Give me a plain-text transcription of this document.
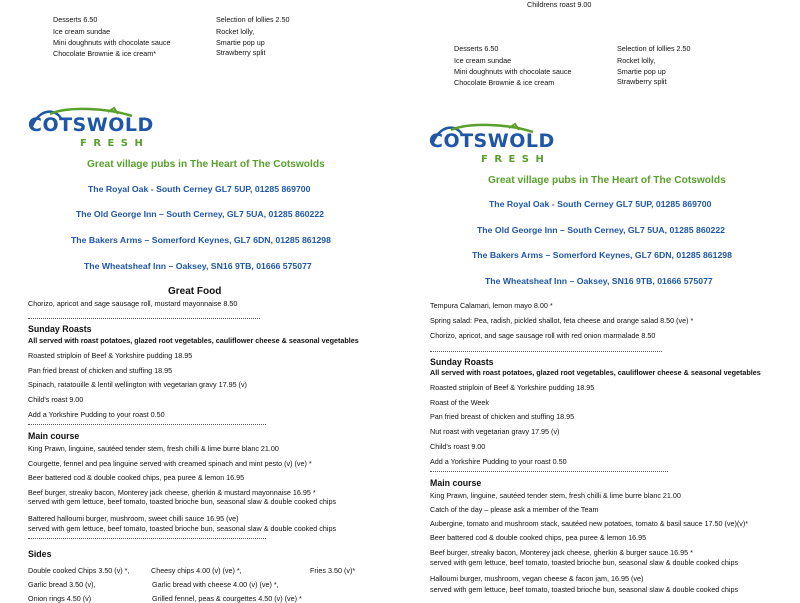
Childrens roast 9.00
Desserts 6.50
Ice cream sundae
Mini doughnuts with chocolate sauce
Chocolate Brownie & ice cream*
Selection of lollies 2.50
Rocket lolly,
Smartie pop up
Strawberry split
COTSWOLD
F R E S H
Great village pubs in The Heart of The Cotswolds
The Royal Oak - South Cerney GL7 5UP, 01285 869700
The Old George Inn – South Cerney, GL7 5UA, 01285 860222
The Bakers Arms – Somerford Keynes, GL7 6DN, 01285 861298
The Wheatsheaf Inn – Oaksey, SN16 9TB, 01666 575077
Great Food
Chorizo, apricot and sage sausage roll, mustard mayonnaise 8.50
Sunday Roasts
All served with roast potatoes, glazed root vegetables, cauliflower cheese & seasonal vegetables
Roasted striploin of Beef & Yorkshire pudding 18.95
Pan fried breast of chicken and stuffing 18.95
Spinach, ratatouille & lentil wellington with vegetarian gravy 17.95 (v)
Child's roast 9.00
Add a Yorkshire Pudding to your roast 0.50
Main course
King Prawn, linguine, sautéed tender stem, fresh chilli & lime burre blanc 21.00
Courgette, fennel and pea linguine served with creamed spinach and mint pesto (v) (ve) *
Beer battered cod & double cooked chips, pea puree & lemon 16.95
Beef burger, streaky bacon, Monterey jack cheese, gherkin & mustard mayonnaise 16.95 *
served with gem lettuce, beef tomato, toasted brioche bun, seasonal slaw & double cooked chips
Battered halloumi burger, mushroom, sweet chilli sauce 16.95 (ve)
served with gem lettuce, beef tomato, toasted brioche bun, seasonal slaw & double cooked chips
Sides
Double cooked Chips 3.50 (v) *,	Cheesy chips 4.00 (v) (ve) *,	Fries 3.50 (v)*
Garlic bread 3.50 (v),	Garlic bread with cheese 4.00 (v) (ve) *,
Onion rings 4.50 (v)	Grilled fennel, peas & courgettes 4.50 (v) (ve) *
Desserts 6.50
Ice cream sundae
Mini doughnuts with chocolate sauce
Chocolate Brownie & ice cream
Selection of lollies 2.50
Rocket lolly,
Smartie pop up
Strawberry split
COTSWOLD
F R E S H
Great village pubs in The Heart of The Cotswolds
The Royal Oak - South Cerney GL7 5UP, 01285 869700
The Old George Inn – South Cerney, GL7 5UA, 01285 860222
The Bakers Arms – Somerford Keynes, GL7 6DN, 01285 861298
The Wheatsheaf Inn – Oaksey, SN16 9TB, 01666 575077
Tempura Calamari, lemon mayo 8.00 *
Spring salad: Pea, radish, pickled shallot, feta cheese and orange salad 8.50 (ve) *
Chorizo, apricot, and sage sausage roll with red onion marmalade 8.50
Sunday Roasts
All served with roast potatoes, glazed root vegetables, cauliflower cheese & seasonal vegetables
Roasted striploin of Beef & Yorkshire pudding 18.95
Roast of the Week
Pan fried breast of chicken and stuffing 18.95
Nut roast with vegetarian gravy 17.95 (v)
Child's roast 9.00
Add a Yorkshire Pudding to your roast 0.50
Main course
King Prawn, linguine, sautéed tender stem, fresh chilli & lime burre blanc 21.00
Catch of the day – please ask a member of the Team
Aubergine, tomato and mushroom stack, sautéed new potatoes, tomato & basil sauce 17.50 (ve)(v)*
Beer battered cod & double cooked chips, pea puree & lemon 16.95
Beef burger, streaky bacon, Monterey jack cheese, gherkin & burger sauce 16.95 *
served with gem lettuce, beef tomato, toasted brioche bun, seasonal slaw & double cooked chips
Halloumi burger, mushroom, vegan cheese & facon jam, 16.95 (ve)
served with gem lettuce, beef tomato, toasted brioche bun, seasonal slaw & double cooked chips
